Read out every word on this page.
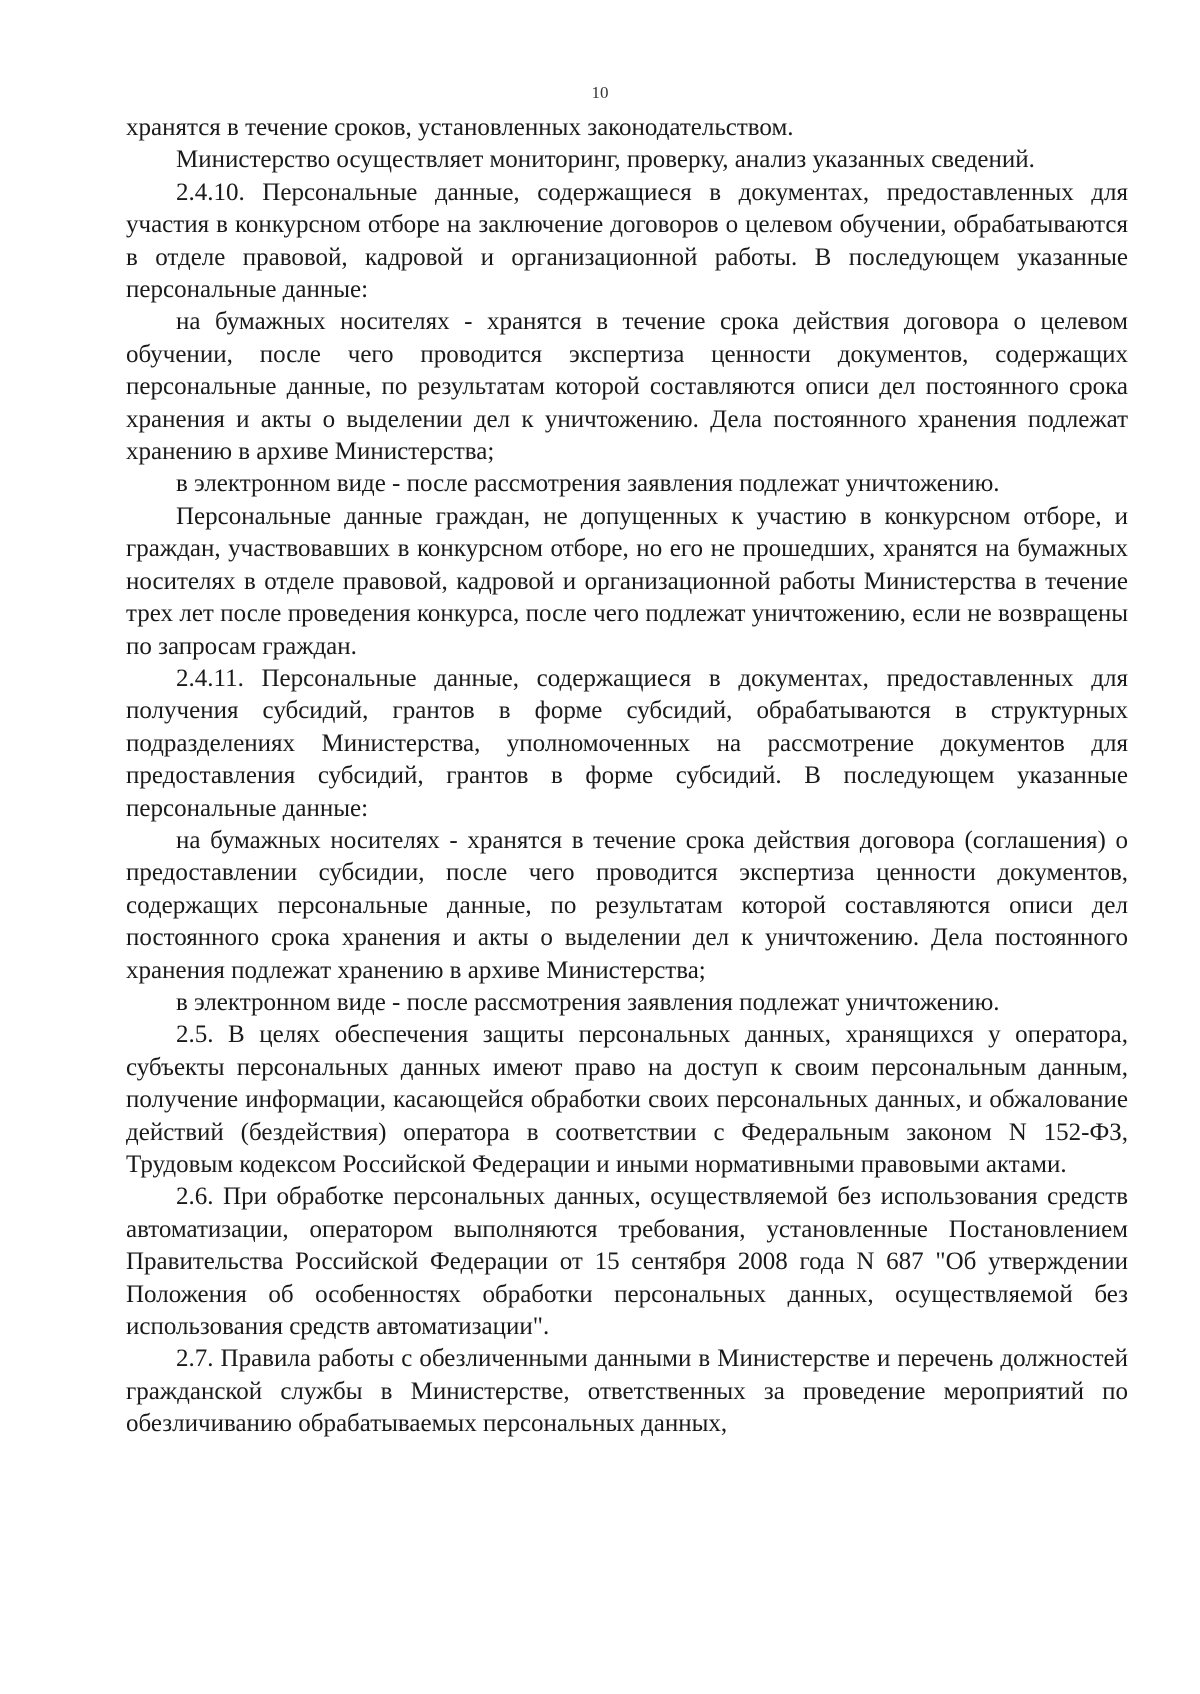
10

хранятся в течение сроков, установленных законодательством.

Министерство осуществляет мониторинг, проверку, анализ указанных сведений.

2.4.10. Персональные данные, содержащиеся в документах, предоставленных для участия в конкурсном отборе на заключение договоров о целевом обучении, обрабатываются в отделе правовой, кадровой и организационной работы. В последующем указанные персональные данные:

на бумажных носителях - хранятся в течение срока действия договора о целевом обучении, после чего проводится экспертиза ценности документов, содержащих персональные данные, по результатам которой составляются описи дел постоянного срока хранения и акты о выделении дел к уничтожению. Дела постоянного хранения подлежат хранению в архиве Министерства;

в электронном виде - после рассмотрения заявления подлежат уничтожению.

Персональные данные граждан, не допущенных к участию в конкурсном отборе, и граждан, участвовавших в конкурсном отборе, но его не прошедших, хранятся на бумажных носителях в отделе правовой, кадровой и организационной работы Министерства в течение трех лет после проведения конкурса, после чего подлежат уничтожению, если не возвращены по запросам граждан.

2.4.11. Персональные данные, содержащиеся в документах, предоставленных для получения субсидий, грантов в форме субсидий, обрабатываются в структурных подразделениях Министерства, уполномоченных на рассмотрение документов для предоставления субсидий, грантов в форме субсидий. В последующем указанные персональные данные:

на бумажных носителях - хранятся в течение срока действия договора (соглашения) о предоставлении субсидии, после чего проводится экспертиза ценности документов, содержащих персональные данные, по результатам которой составляются описи дел постоянного срока хранения и акты о выделении дел к уничтожению. Дела постоянного хранения подлежат хранению в архиве Министерства;

в электронном виде - после рассмотрения заявления подлежат уничтожению.

2.5. В целях обеспечения защиты персональных данных, хранящихся у оператора, субъекты персональных данных имеют право на доступ к своим персональным данным, получение информации, касающейся обработки своих персональных данных, и обжалование действий (бездействия) оператора в соответствии с Федеральным законом N 152-ФЗ, Трудовым кодексом Российской Федерации и иными нормативными правовыми актами.

2.6. При обработке персональных данных, осуществляемой без использования средств автоматизации, оператором выполняются требования, установленные Постановлением Правительства Российской Федерации от 15 сентября 2008 года N 687 "Об утверждении Положения об особенностях обработки персональных данных, осуществляемой без использования средств автоматизации".

2.7. Правила работы с обезличенными данными в Министерстве и перечень должностей гражданской службы в Министерстве, ответственных за проведение мероприятий по обезличиванию обрабатываемых персональных данных,
